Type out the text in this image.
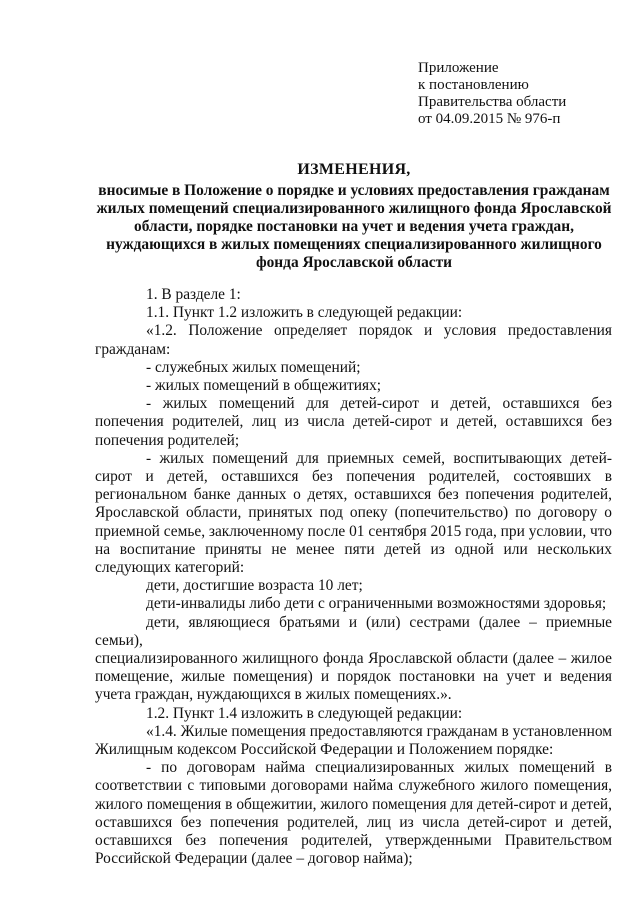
Приложение
к постановлению
Правительства области
от 04.09.2015 № 976-п
ИЗМЕНЕНИЯ,
вносимые в Положение о порядке и условиях предоставления гражданам жилых помещений специализированного жилищного фонда Ярославской области, порядке постановки на учет и ведения учета граждан, нуждающихся в жилых помещениях специализированного жилищного фонда Ярославской области

1. В разделе 1:

1.1. Пункт 1.2 изложить в следующей редакции:

«1.2. Положение определяет порядок и условия предоставления гражданам:

- служебных жилых помещений;

- жилых помещений в общежитиях;

- жилых помещений для детей-сирот и детей, оставшихся без попечения родителей, лиц из числа детей-сирот и детей, оставшихся без попечения родителей;

- жилых помещений для приемных семей, воспитывающих детей-сирот и детей, оставшихся без попечения родителей, состоявших в региональном банке данных о детях, оставшихся без попечения родителей, Ярославской области, принятых под опеку (попечительство) по договору о приемной семье, заключенному после 01 сентября 2015 года, при условии, что на воспитание приняты не менее пяти детей из одной или нескольких следующих категорий:

дети, достигшие возраста 10 лет;

дети-инвалиды либо дети с ограниченными возможностями здоровья;

дети, являющиеся братьями и (или) сестрами (далее – приемные семьи),

специализированного жилищного фонда Ярославской области (далее – жилое помещение, жилые помещения) и порядок постановки на учет и ведения учета граждан, нуждающихся в жилых помещениях.».

1.2. Пункт 1.4 изложить в следующей редакции:

«1.4. Жилые помещения предоставляются гражданам в установленном Жилищным кодексом Российской Федерации и Положением порядке:

- по договорам найма специализированных жилых помещений в соответствии с типовыми договорами найма служебного жилого помещения, жилого помещения в общежитии, жилого помещения для детей-сирот и детей, оставшихся без попечения родителей, лиц из числа детей-сирот и детей, оставшихся без попечения родителей, утвержденными Правительством Российской Федерации (далее – договор найма);
